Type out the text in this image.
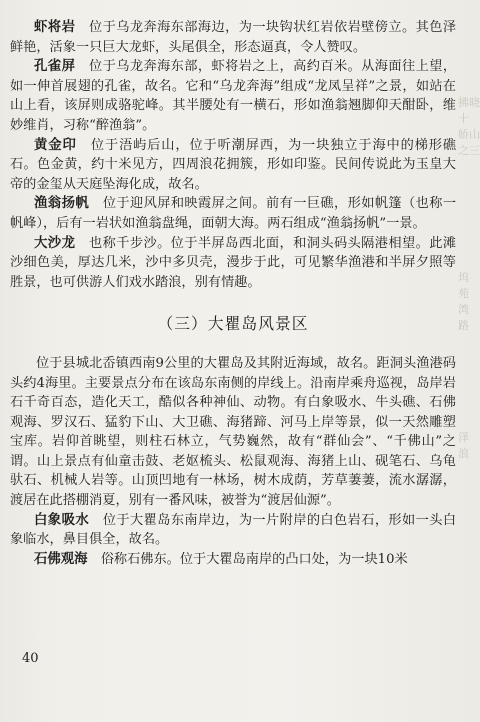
拂晓十 娇山 之三
坞 苑 湾 路
泽 浪

虾将岩　 位于乌龙奔海东部海边，为一块钩状红岩依岩壁傍立。其色泽鲜艳，活象一只巨大龙虾，头尾俱全，形态逼真，令人赞叹。

孔雀屏　 位于乌龙奔海东部，虾将岩之上，高约百米。从海面往上望，如一伸首展翅的孔雀，故名。它和“乌龙奔海”组成“龙凤呈祥”之景，如站在山上看，该屏则成骆驼峰。其半腰处有一横石，形如渔翁翘脚仰天酣卧，维妙维肖，习称“醉渔翁”。

黄金印　 位于浯屿后山，位于听潮屏西，为一块独立于海中的梯形礁石。色金黄，约十米见方，四周浪花拥簇，形如印鉴。民间传说此为玉皇大帝的金玺从天庭坠海化成，故名。

渔翁扬帆　 位于迎风屏和映霞屏之间。前有一巨礁，形如帆篷（也称一帆峰），后有一岩状如渔翁盘绳，面朝大海。两石组成“渔翁扬帆”一景。

大沙龙　 也称千步沙。位于半屏岛西北面，和洞头码头隔港相望。此滩沙细色美，厚达几米，沙中多贝壳，漫步于此，可见繁华渔港和半屏夕照等胜景，也可供游人们戏水踏浪，别有情趣。

（三）大瞿岛风景区

位于县城北岙镇西南9公里的大瞿岛及其附近海域，故名。距洞头渔港码头约4海里。主要景点分布在该岛东南侧的岸线上。沿南岸乘舟巡视，岛岸岩石千奇百态，造化天工，酷似各种神仙、动物。有白象吸水、牛头礁、石佛观海、罗汉石、猛豹下山、大卫礁、海猪蹄、河马上岸等景，似一天然雕塑宝库。岩仰首眺望，则柱石林立，气势巍然，故有“群仙会”、“千佛山”之谓。山上景点有仙童击鼓、老妪梳头、松鼠观海、海猪上山、砚笔石、乌龟驮石、机械人岩等。山顶凹地有一林场，树木成荫，芳草萋萋，流水潺潺，渡居在此搭棚消夏，别有一番风味，被誉为“渡居仙源”。

白象吸水　 位于大瞿岛东南岸边，为一片附岸的白色岩石，形如一头白象临水，鼻目俱全，故名。

石佛观海　 俗称石佛东。位于大瞿岛南岸的凸口处，为一块10米

40
